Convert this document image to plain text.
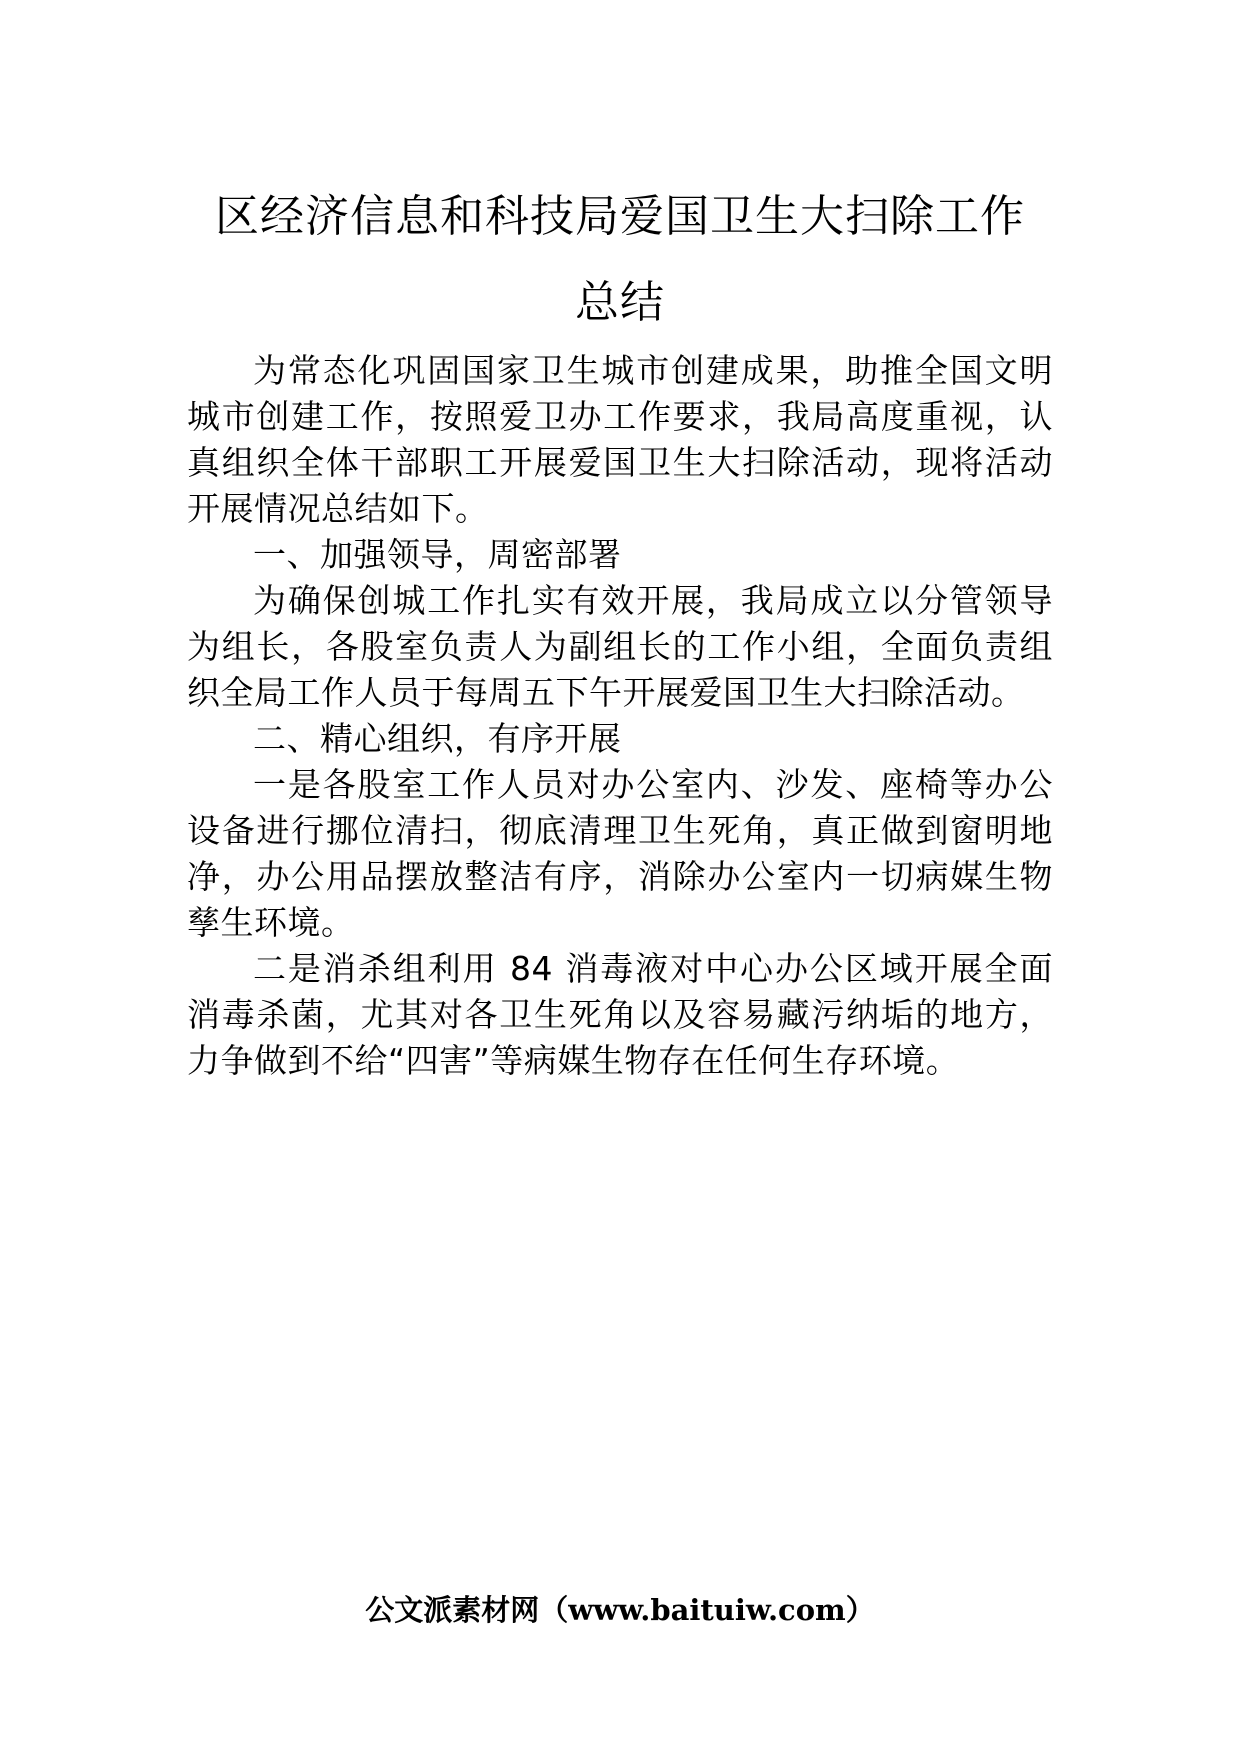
区经济信息和科技局爱国卫生大扫除工作
总结

为常态化巩固国家卫生城市创建成果，助推全国文明城市创建工作，按照爱卫办工作要求，我局高度重视，认真组织全体干部职工开展爱国卫生大扫除活动，现将活动开展情况总结如下。

一、加强领导，周密部署

为确保创城工作扎实有效开展，我局成立以分管领导为组长，各股室负责人为副组长的工作小组，全面负责组织全局工作人员于每周五下午开展爱国卫生大扫除活动。

二、精心组织，有序开展

一是各股室工作人员对办公室内、沙发、座椅等办公设备进行挪位清扫，彻底清理卫生死角，真正做到窗明地净，办公用品摆放整洁有序，消除办公室内一切病媒生物孳生环境。

二是消杀组利用 84 消毒液对中心办公区域开展全面消毒杀菌，尤其对各卫生死角以及容易藏污纳垢的地方，力争做到不给“四害”等病媒生物存在任何生存环境。

公文派素材网（www.baituiw.com）
